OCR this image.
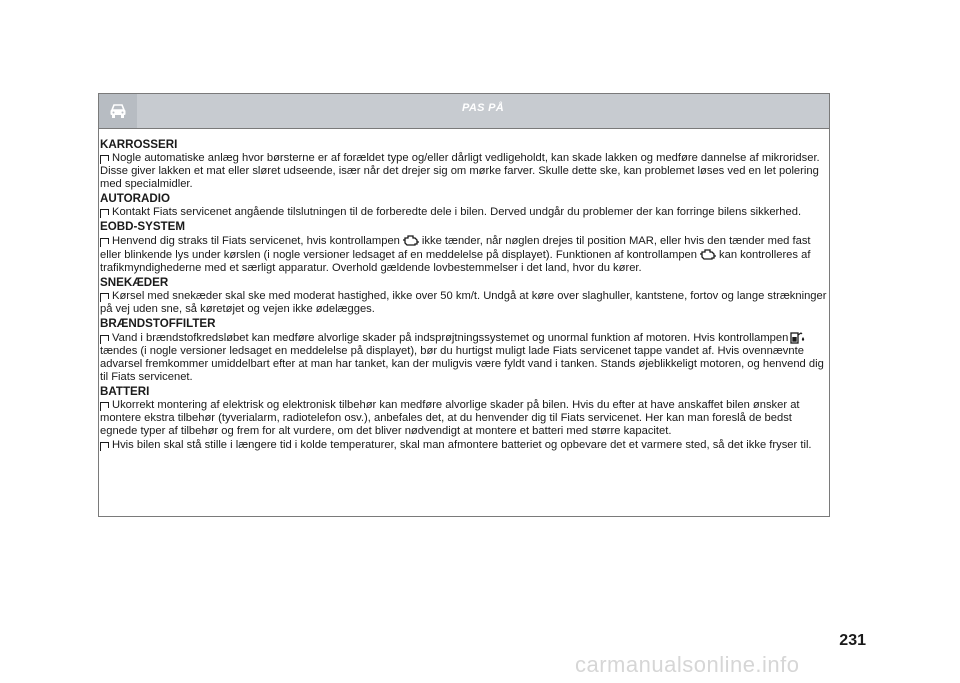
PAS PÅ
KARROSSERI
Nogle automatiske anlæg hvor børsterne er af forældet type og/eller dårligt vedligeholdt, kan skade lakken og medføre dannelse af mikroridser. Disse giver lakken et mat eller sløret udseende, især når det drejer sig om mørke farver. Skulle dette ske, kan problemet løses ved en let polering med specialmidler.
AUTORADIO
Kontakt Fiats servicenet angående tilslutningen til de forberedte dele i bilen. Derved undgår du problemer der kan forringe bilens sikkerhed.
EOBD-SYSTEM
Henvend dig straks til Fiats servicenet, hvis kontrollampen ikke tænder, når nøglen drejes til position MAR, eller hvis den tænder med fast eller blinkende lys under kørslen (i nogle versioner ledsaget af en meddelelse på displayet). Funktionen af kontrollampen kan kontrolleres af trafikmyndighederne med et særligt apparatur. Overhold gældende lovbestemmelser i det land, hvor du kører.
SNEKÆDER
Kørsel med snekæder skal ske med moderat hastighed, ikke over 50 km/t. Undgå at køre over slaghuller, kantstene, fortov og lange strækninger på vej uden sne, så køretøjet og vejen ikke ødelægges.
BRÆNDSTOFFILTER
Vand i brændstofkredsløbet kan medføre alvorlige skader på indsprøjtningssystemet og unormal funktion af motoren. Hvis kontrollampentændes (i nogle versioner ledsaget en meddelelse på displayet), bør du hurtigst muligt lade Fiats servicenet tappe vandet af. Hvis ovennævnte advarsel fremkommer umiddelbart efter at man har tanket, kan der muligvis være fyldt vand i tanken. Stands øjeblikkeligt motoren, og henvend dig til Fiats servicenet.
BATTERI
Ukorrekt montering af elektrisk og elektronisk tilbehør kan medføre alvorlige skader på bilen. Hvis du efter at have anskaffet bilen ønsker at montere ekstra tilbehør (tyverialarm, radiotelefon osv.), anbefales det, at du henvender dig til Fiats servicenet. Her kan man foreslå de bedst egnede typer af tilbehør og frem for alt vurdere, om det bliver nødvendigt at montere et batteri med større kapacitet.
Hvis bilen skal stå stille i længere tid i kolde temperaturer, skal man afmontere batteriet og opbevare det et varmere sted, så det ikke fryser til.
231
carmanualsonline.info
